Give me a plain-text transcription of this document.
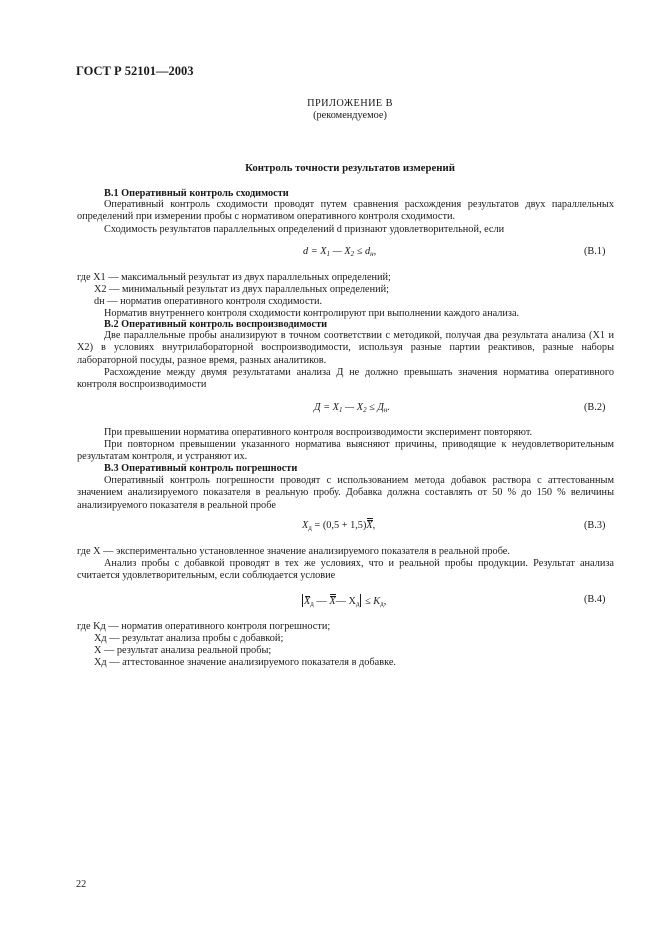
ГОСТ Р 52101—2003
ПРИЛОЖЕНИЕ В
(рекомендуемое)
Контроль точности результатов измерений
В.1 Оперативный контроль сходимости
Оперативный контроль сходимости проводят путем сравнения расхождения результатов двух параллельных определений при измерении пробы с нормативом оперативного контроля сходимости.
Сходимость результатов параллельных определений d признают удовлетворительной, если
$d = X_1$ — $X_2 \le d_н$,	(В.1)
где X1 — максимальный результат из двух параллельных определений;
X2 — минимальный результат из двух параллельных определений;
dн — норматив оперативного контроля сходимости.
Норматив внутреннего контроля сходимости контролируют при выполнении каждого анализа.
В.2 Оперативный контроль воспроизводимости
Две параллельные пробы анализируют в точном соответствии с методикой, получая два результата анализа (X1 и X2) в условиях внутрилабораторной воспроизводимости, используя разные партии реактивов, разные наборы лабораторной посуды, разное время, разных аналитиков.
Расхождение между двумя результатами анализа Д не должно превышать значения норматива оперативного контроля воспроизводимости
$Д = X_1$ — $X_2 \le Д_н$.	(В.2)
При превышении норматива оперативного контроля воспроизводимости эксперимент повторяют.
При повторном превышении указанного норматива выясняют причины, приводящие к неудовлетворительным результатам контроля, и устраняют их.
В.3 Оперативный контроль погрешности
Оперативный контроль погрешности проводят с использованием метода добавок раствора с аттестованным значением анализируемого показателя в реальную пробу. Добавка должна составлять от 50 % до 150 % величины анализируемого показателя в реальной пробе
$X_д = (0,5 + 1,5)X$,	(В.3)
где X — экспериментально установленное значение анализируемого показателя в реальной пробе.
Анализ пробы с добавкой проводят в тех же условиях, что и реальной пробы продукции. Результат анализа считается удовлетворительным, если соблюдается условие
$X_д$ — X— $X_д \le K_д$,	(В.4)
где Kд — норматив оперативного контроля погрешности;
Xд — результат анализа пробы с добавкой;
X — результат анализа реальной пробы;
Xд — аттестованное значение анализируемого показателя в добавке.
22
